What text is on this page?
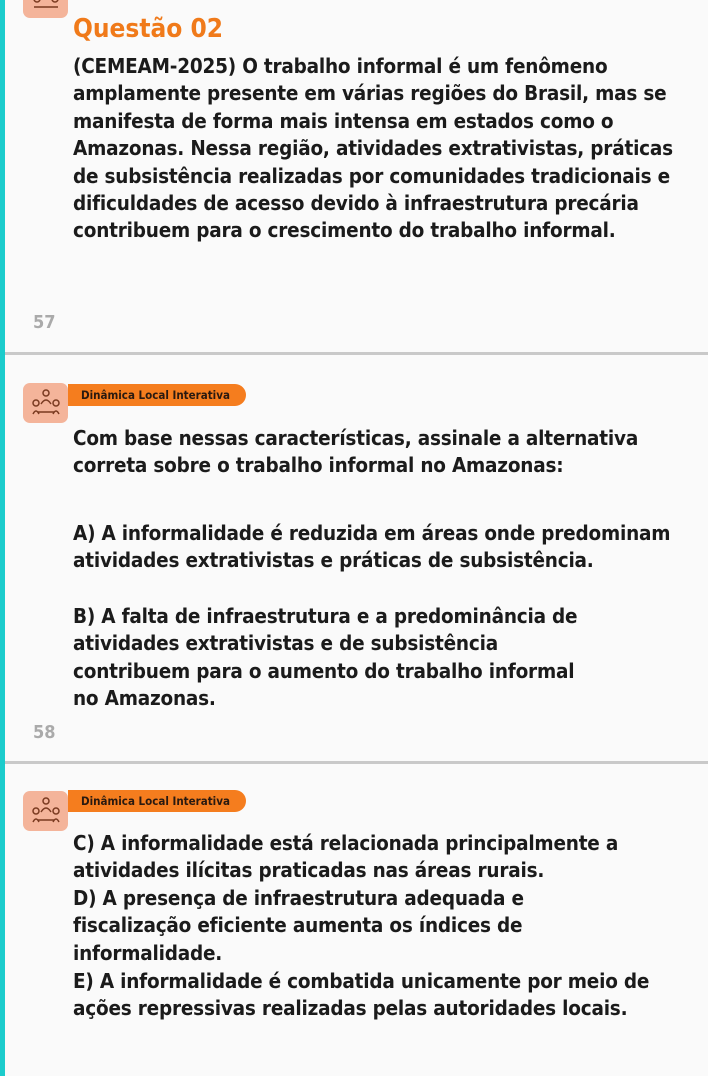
Questão 02
(CEMEAM-2025) O trabalho informal é um fenômeno amplamente presente em várias regiões do Brasil, mas se manifesta de forma mais intensa em estados como o Amazonas. Nessa região, atividades extrativistas, práticas de subsistência realizadas por comunidades tradicionais e dificuldades de acesso devido à infraestrutura precária contribuem para o crescimento do trabalho informal.
57
Dinâmica Local Interativa
Com base nessas características, assinale a alternativa correta sobre o trabalho informal no Amazonas:
A) A informalidade é reduzida em áreas onde predominam atividades extrativistas e práticas de subsistência.
B) A falta de infraestrutura e a predominância de atividades extrativistas e de subsistência contribuem para o aumento do trabalho informal no Amazonas.
58
Dinâmica Local Interativa
C) A informalidade está relacionada principalmente a atividades ilícitas praticadas nas áreas rurais.
D) A presença de infraestrutura adequada e fiscalização eficiente aumenta os índices de informalidade.
E) A informalidade é combatida unicamente por meio de ações repressivas realizadas pelas autoridades locais.
